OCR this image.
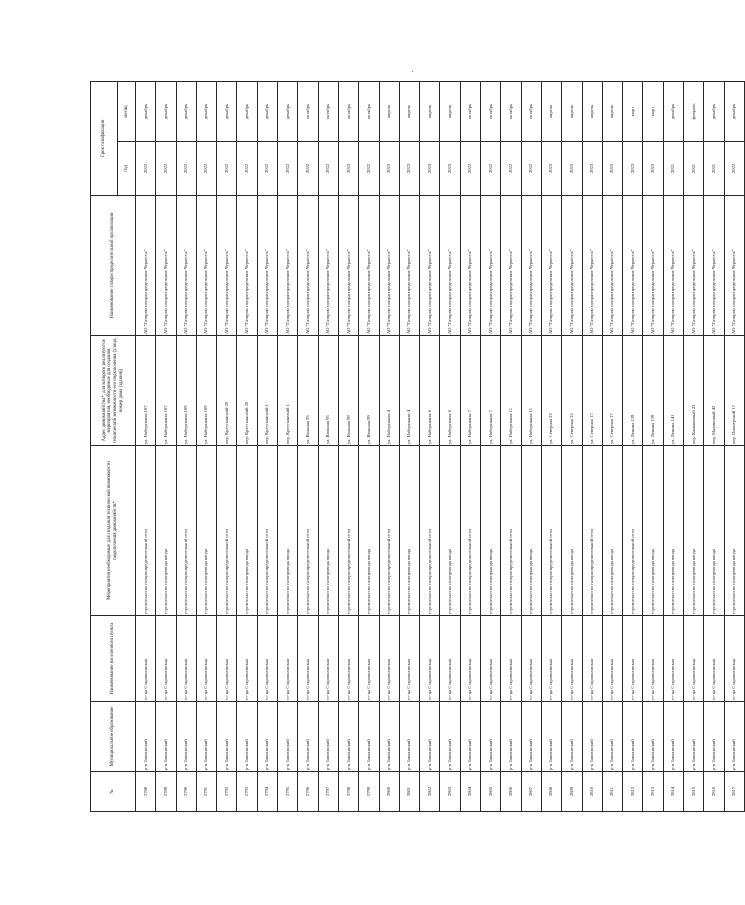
№	Муниципальное образование	Наименование населенного пункта	Мероприятия необходимые для создания технической возможности подключения домохозяйств*	Адрес домохозяйства*, для которого реализуются мероприятия, необходимые для создания технической возможности его подключения (улица, номер дома (здания))	Наименование газораспределительной организации	Срок газификации	
						год	месяц
2788	р-н Заволжский	ст-ца Староволжская	строительство газораспределительной сети	ул. Набережная 107	АО "Газпром газораспределение Черкесск"	2022	декабрь
2789	р-н Заволжский	ст-ца Староволжская	строительство газопровода ввода	ул. Набережная 107	АО "Газпром газораспределение Черкесск"	2022	декабрь
2790	р-н Заволжский	ст-ца Староволжская	строительство газораспределительной сети	ул. Набережная 109	АО "Газпром газораспределение Черкесск"	2022	декабрь
2791	р-н Заволжский	ст-ца Староволжская	строительство газопровода ввода	ул. Набережная 109	АО "Газпром газораспределение Черкесск"	2022	декабрь
2792	р-н Заволжский	ст-ца Староволжская	строительство газораспределительной сети	пер. Крестьянский 20	АО "Газпром газораспределение Черкесск"	2022	декабрь
2793	р-н Заволжский	ст-ца Староволжская	строительство газопровода ввода	пер. Крестьянский 20	АО "Газпром газораспределение Черкесск"	2022	декабрь
2794	р-н Заволжский	ст-ца Староволжская	строительство газораспределительной сети	пер. Крестьянский 1	АО "Газпром газораспределение Черкесск"	2022	декабрь
2795	р-н Заволжский	ст-ца Староволжская	строительство газопровода ввода	пер. Крестьянский 1	АО "Газпром газораспределение Черкесск"	2022	декабрь
2796	р-н Заволжский	ст-ца Староволжская	строительство газораспределительной сети	ул. Вольная 95	АО "Газпром газораспределение Черкесск"	2022	октябрь
2797	р-н Заволжский	ст-ца Староволжская	строительство газопровода ввода	ул. Вольная 95	АО "Газпром газораспределение Черкесск"	2022	октябрь
2798	р-н Заволжский	ст-ца Староволжская	строительство газораспределительной сети	ул. Вольная 99	АО "Газпром газораспределение Черкесск"	2022	октябрь
2799	р-н Заволжский	ст-ца Староволжская	строительство газопровода ввода	ул. Вольная 99	АО "Газпром газораспределение Черкесск"	2022	октябрь
2800	р-н Заволжский	ст-ца Староволжская	строительство газораспределительной сети	ул. Набережная 4	АО "Газпром газораспределение Черкесск"	2023	апрель
2801	р-н Заволжский	ст-ца Староволжская	строительство газопровода ввода	ул. Набережная 4	АО "Газпром газораспределение Черкесск"	2023	апрель
2802	р-н Заволжский	ст-ца Староволжская	строительство газораспределительной сети	ул. Набережная 6	АО "Газпром газораспределение Черкесск"	2023	апрель
2803	р-н Заволжский	ст-ца Староволжская	строительство газопровода ввода	ул. Набережная 6	АО "Газпром газораспределение Черкесск"	2023	апрель
2804	р-н Заволжский	ст-ца Староволжская	строительство газораспределительной сети	ул. Набережная 7	АО "Газпром газораспределение Черкесск"	2022	октябрь
2805	р-н Заволжский	ст-ца Староволжская	строительство газопровода ввода	ул. Набережная 7	АО "Газпром газораспределение Черкесск"	2022	октябрь
2806	р-н Заволжский	ст-ца Староволжская	строительство газораспределительной сети	ул. Набережная 11	АО "Газпром газораспределение Черкесск"	2022	октябрь
2807	р-н Заволжский	ст-ца Староволжская	строительство газопровода ввода	ул. Набережная 11	АО "Газпром газораспределение Черкесск"	2022	октябрь
2808	р-н Заволжский	ст-ца Староволжская	строительство газораспределительной сети	ул. Северная 23	АО "Газпром газораспределение Черкесск"	2023	апрель
2809	р-н Заволжский	ст-ца Староволжская	строительство газопровода ввода	ул. Северная 23	АО "Газпром газораспределение Черкесск"	2023	апрель
2810	р-н Заволжский	ст-ца Староволжская	строительство газораспределительной сети	ул. Северная 17	АО "Газпром газораспределение Черкесск"	2023	апрель
2811	р-н Заволжский	ст-ца Староволжская	строительство газопровода ввода	ул. Северная 17	АО "Газпром газораспределение Черкесск"	2023	апрель
2812	р-н Заволжский	ст-ца Староволжская	строительство газораспределительной сети	ул. Ленина 139	АО "Газпром газораспределение Черкесск"	2023	март
2813	р-н Заволжский	ст-ца Староволжская	строительство газопровода ввода	ул. Ленина 139	АО "Газпром газораспределение Черкесск"	2023	март
2814	р-н Заволжский	ст-ца Староволжская	строительство газопровода ввода	ул. Ленина 141	АО "Газпром газораспределение Черкесск"	2021	декабрь
2815	р-н Заволжский	ст-ца Староволжская	строительство газопровода ввода	пер. Камышовый 22	АО "Газпром газораспределение Черкесск"	2021	февраль
2816	р-н Заволжский	ст-ца Староволжская	строительство газопровода ввода	пер. Малиновый 42	АО "Газпром газораспределение Черкесск"	2021	декабрь
2817	р-н Заволжский	ст-ца Староволжская	строительство газопровода ввода	пер. Пионерский 17	АО "Газпром газораспределение Черкесск"	2022	декабрь
